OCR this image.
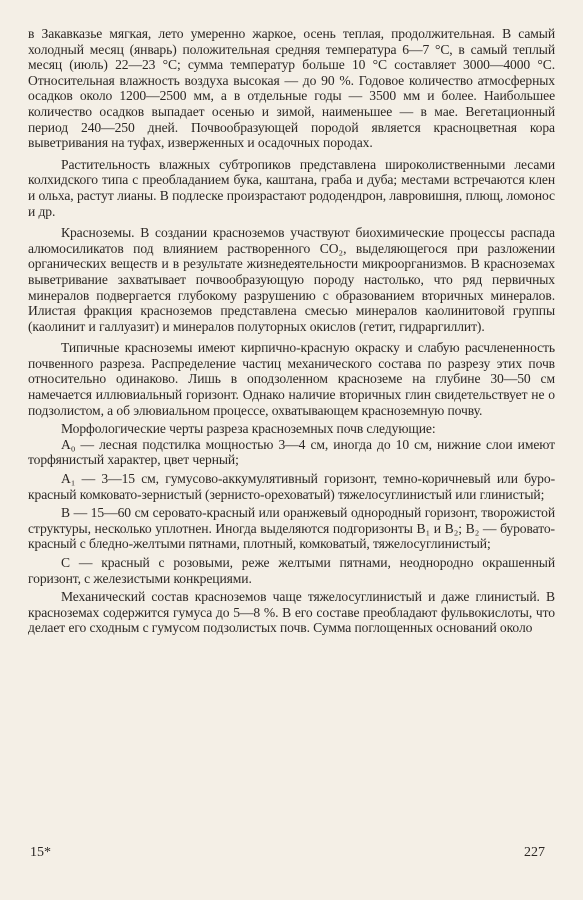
в Закавказье мягкая, лето умеренно жаркое, осень теплая, продолжительная. В самый холодный месяц (январь) положительная средняя температура 6—7 °С, в самый теплый месяц (июль) 22—23 °С; сумма температур больше 10 °С составляет 3000—4000 °С. Относительная влажность воздуха высокая — до 90 %. Годовое количество атмосферных осадков около 1200—2500 мм, а в отдельные годы — 3500 мм и более. Наибольшее количество осадков выпадает осенью и зимой, наименьшее — в мае. Вегетационный период 240—250 дней. Почвообразующей породой является красноцветная кора выветривания на туфах, изверженных и осадочных породах.

Растительность влажных субтропиков представлена широколиственными лесами колхидского типа с преобладанием бука, каштана, граба и дуба; местами встречаются клен и ольха, растут лианы. В подлеске произрастают рододендрон, лавровишня, плющ, ломонос и др.

Красноземы. В создании красноземов участвуют биохимические процессы распада алюмосиликатов под влиянием растворенного CO₂, выделяющегося при разложении органических веществ и в результате жизнедеятельности микроорганизмов. В красноземах выветривание захватывает почвообразующую породу настолько, что ряд первичных минералов подвергается глубокому разрушению с образованием вторичных минералов. Илистая фракция красноземов представлена смесью минералов каолинитовой группы (каолинит и галлуазит) и минералов полуторных окислов (гетит, гидраргиллит).

Типичные красноземы имеют кирпично-красную окраску и слабую расчлененность почвенного разреза. Распределение частиц механического состава по разрезу этих почв относительно одинаково. Лишь в оподзоленном красноземе на глубине 30—50 см намечается иллювиальный горизонт. Однако наличие вторичных глин свидетельствует не о подзолистом, а об элювиальном процессе, охватывающем красноземную почву.

Морфологические черты разреза красноземных почв следующие:

A₀ — лесная подстилка мощностью 3—4 см, иногда до 10 см, нижние слои имеют торфянистый характер, цвет черный;

A₁ — 3—15 см, гумусово-аккумулятивный горизонт, темно-коричневый или буро-красный комковато-зернистый (зернисто-ореховатый) тяжелосуглинистый или глинистый;

B — 15—60 см серовато-красный или оранжевый однородный горизонт, творожистой структуры, несколько уплотнен. Иногда выделяются подгоризонты B₁ и B₂; B₂ — буровато-красный с бледно-желтыми пятнами, плотный, комковатый, тяжелосуглинистый;

C — красный с розовыми, реже желтыми пятнами, неоднородно окрашенный горизонт, с железистыми конкрециями.

Механический состав красноземов чаще тяжелосуглинистый и даже глинистый. В красноземах содержится гумуса до 5—8 %. В его составе преобладают фульвокислоты, что делает его сходным с гумусом подзолистых почв. Сумма поглощенных оснований около

15*	227
